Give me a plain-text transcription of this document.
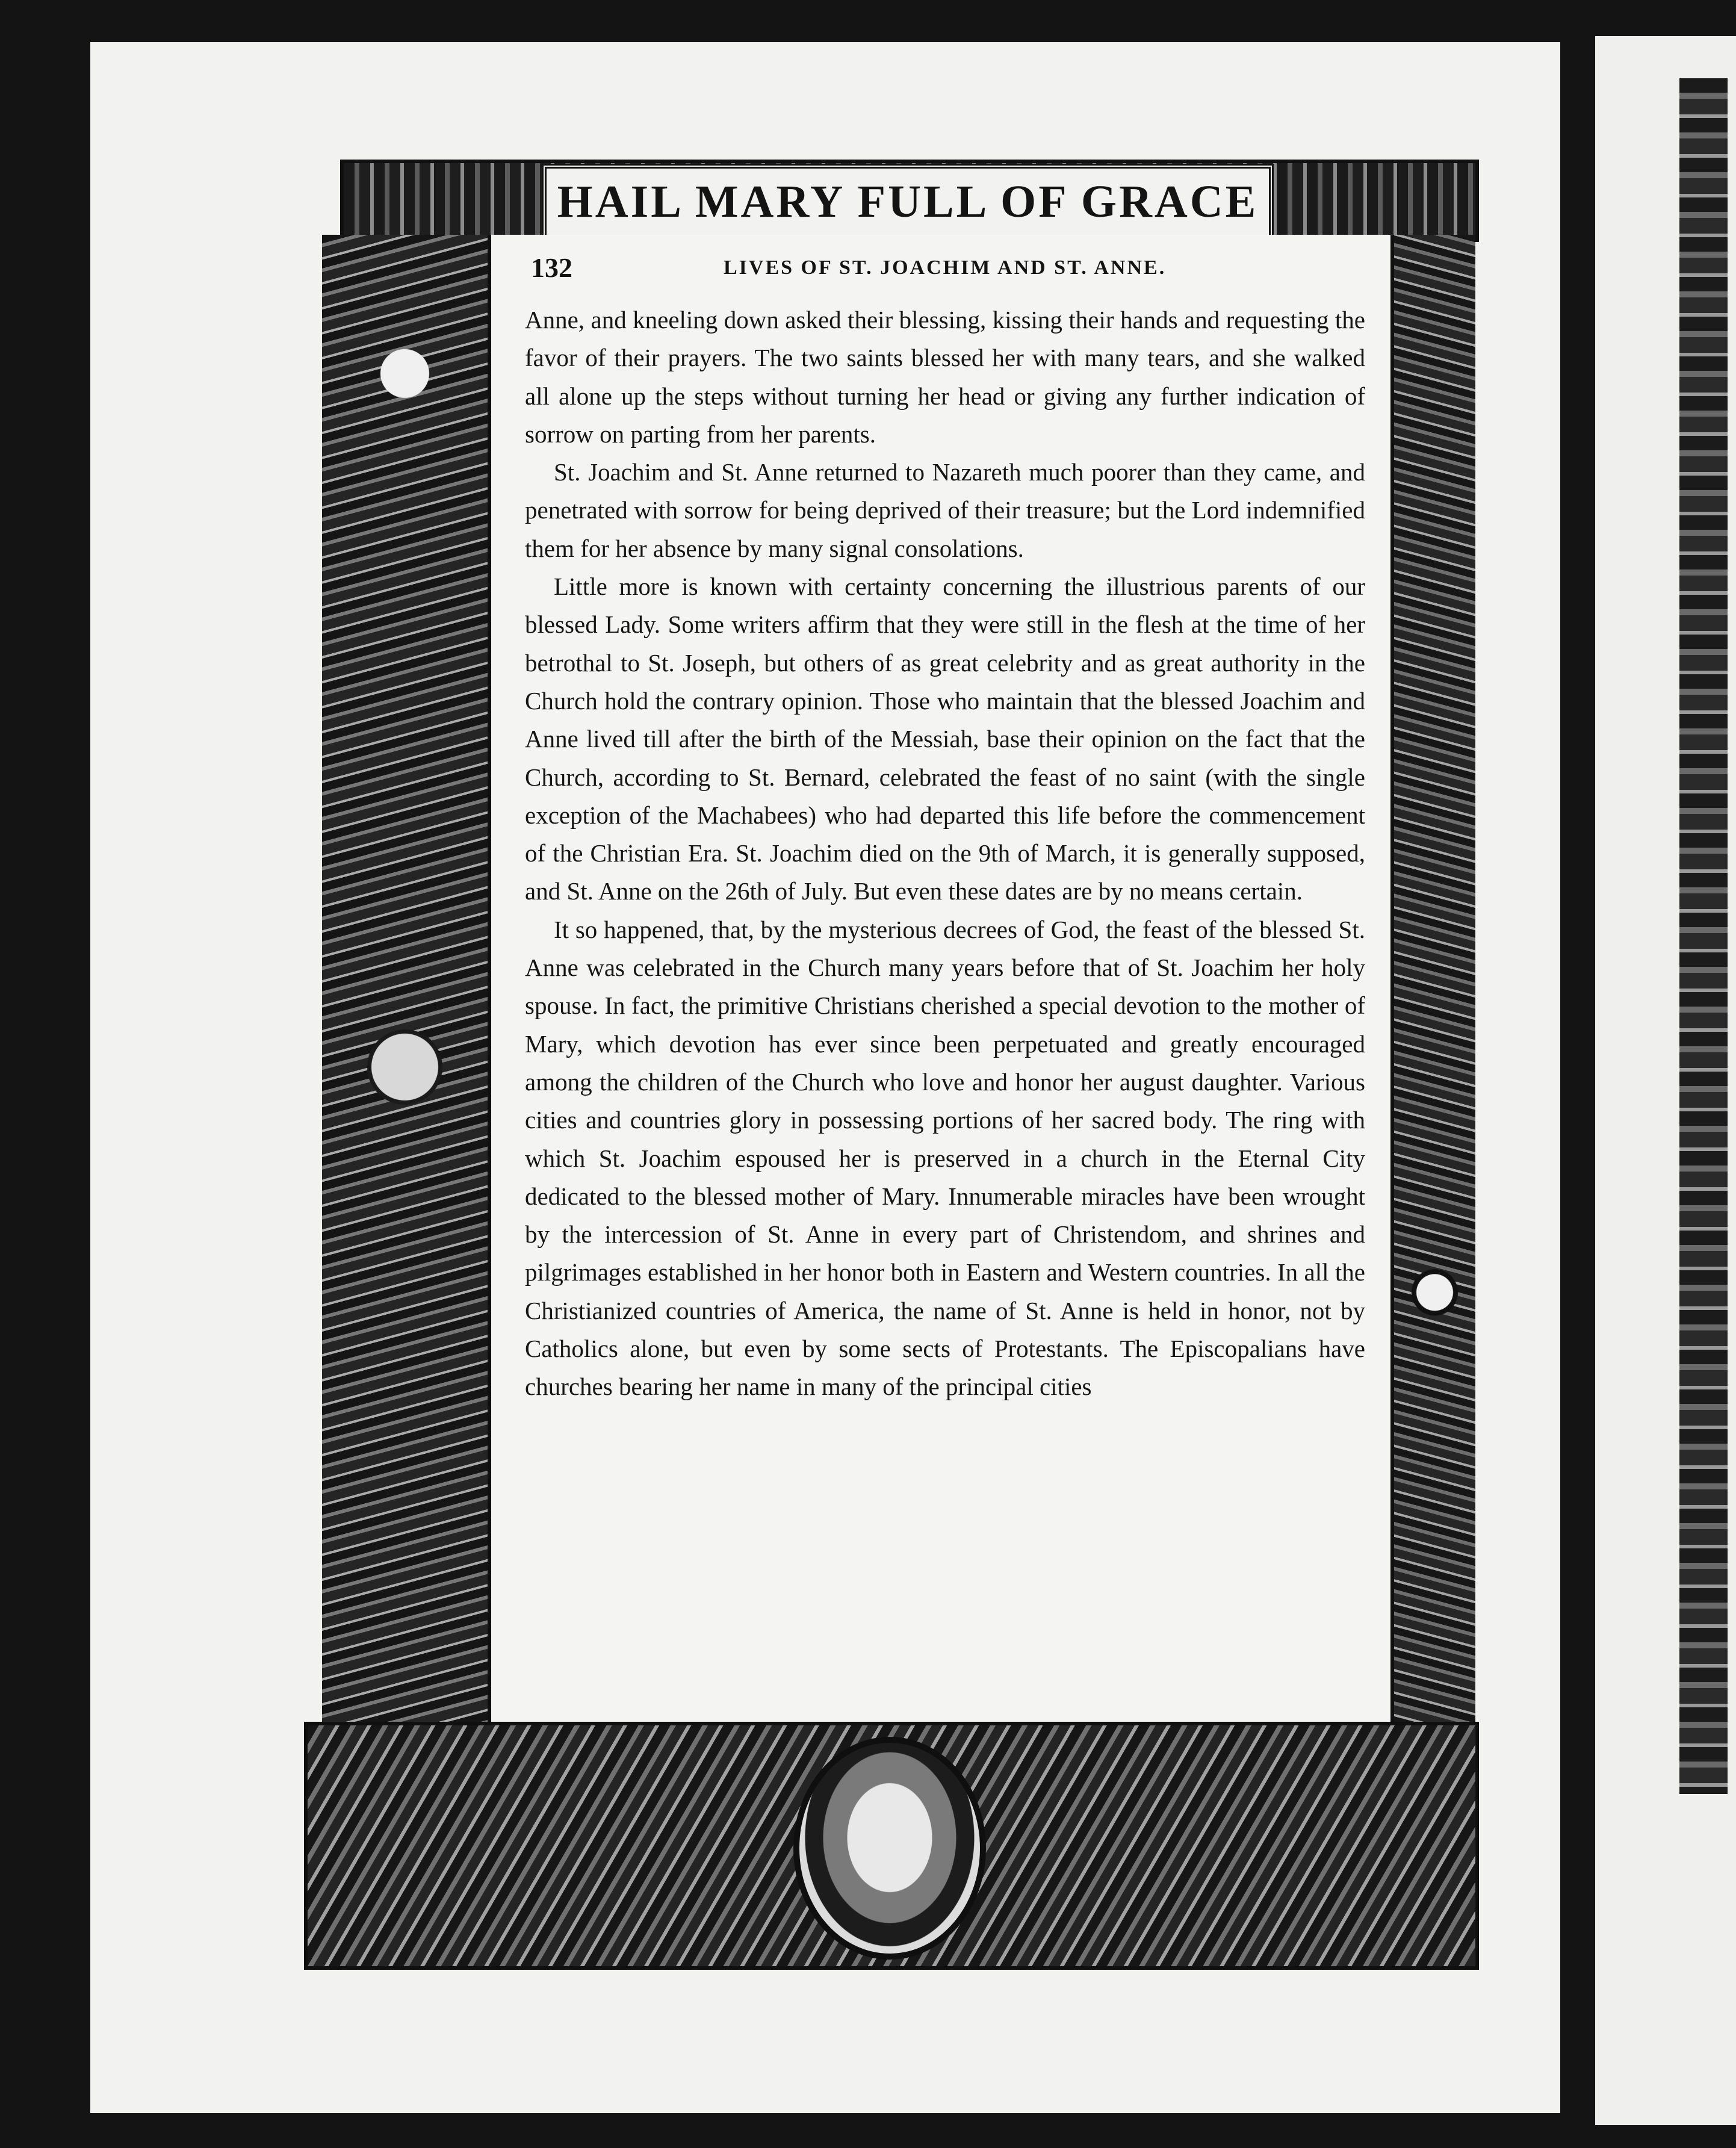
HAIL MARY FULL OF GRACE
132	LIVES OF ST. JOACHIM AND ST. ANNE.

Anne, and kneeling down asked their blessing, kissing their hands and requesting the favor of their prayers. The two saints blessed her with many tears, and she walked all alone up the steps without turning her head or giving any further indication of sorrow on parting from her parents.

St. Joachim and St. Anne returned to Nazareth much poorer than they came, and penetrated with sorrow for being deprived of their treasure; but the Lord indemnified them for her absence by many signal consolations.

Little more is known with certainty concerning the illustrious parents of our blessed Lady. Some writers affirm that they were still in the flesh at the time of her betrothal to St. Joseph, but others of as great celebrity and as great authority in the Church hold the contrary opinion. Those who maintain that the blessed Joachim and Anne lived till after the birth of the Messiah, base their opinion on the fact that the Church, according to St. Bernard, celebrated the feast of no saint (with the single exception of the Machabees) who had departed this life before the commencement of the Christian Era. St. Joachim died on the 9th of March, it is generally supposed, and St. Anne on the 26th of July. But even these dates are by no means certain.

It so happened, that, by the mysterious decrees of God, the feast of the blessed St. Anne was celebrated in the Church many years before that of St. Joachim her holy spouse. In fact, the primitive Christians cherished a special devotion to the mother of Mary, which devotion has ever since been perpetuated and greatly encouraged among the children of the Church who love and honor her august daughter. Various cities and countries glory in possessing portions of her sacred body. The ring with which St. Joachim espoused her is preserved in a church in the Eternal City dedicated to the blessed mother of Mary. Innumerable miracles have been wrought by the intercession of St. Anne in every part of Christendom, and shrines and pilgrimages established in her honor both in Eastern and Western countries. In all the Christianized countries of America, the name of St. Anne is held in honor, not by Catholics alone, but even by some sects of Protestants. The Episcopalians have churches bearing her name in many of the principal cities
